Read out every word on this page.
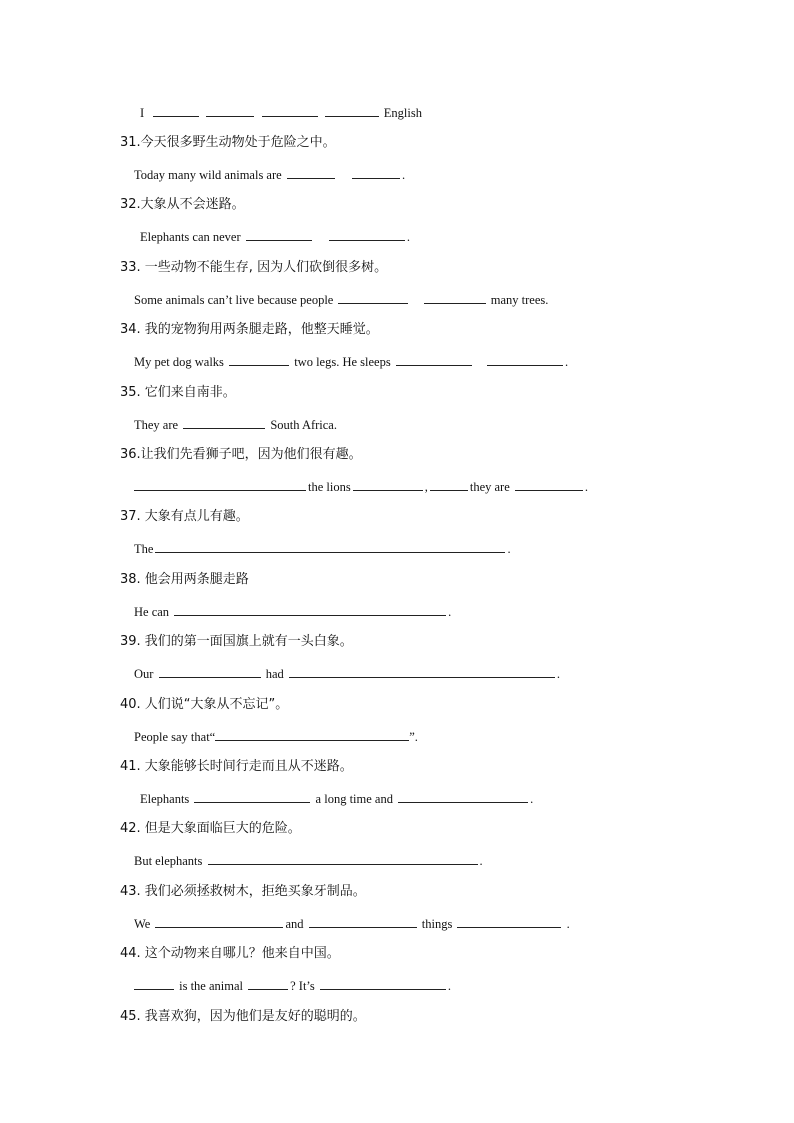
I	English
31.今天很多野生动物处于危险之中。
Today many wild animals are	.
32.大象从不会迷路。
Elephants can never	.
33. 一些动物不能生存, 因为人们砍倒很多树。
Some animals can’t live because people	many trees.
34. 我的宠物狗用两条腿走路，他整天睡觉。
My pet dog walks	two legs. He sleeps	.
35. 它们来自南非。
They are	South Africa.
36.让我们先看狮子吧，因为他们很有趣。
the lions	,	they are	.
37. 大象有点儿有趣。
The	.
38. 他会用两条腿走路
He can	.
39. 我们的第一面国旗上就有一头白象。
Our	had	.
40. 人们说“大象从不忘记”。
People say that“	”.
41. 大象能够长时间行走而且从不迷路。
Elephants	a long time and	.
42. 但是大象面临巨大的危险。
But elephants	.
43. 我们必须拯救树木，拒绝买象牙制品。
We	and	things	.
44. 这个动物来自哪儿？他来自中国。
is the animal	? It’s	.
45. 我喜欢狗，因为他们是友好的聪明的。
